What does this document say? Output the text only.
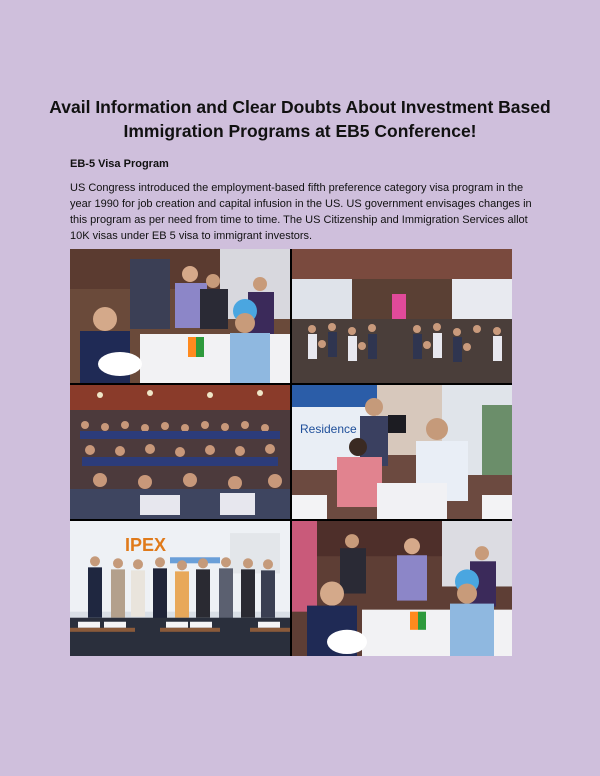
Avail Information and Clear Doubts About Investment Based Immigration Programs at EB5 Conference!
EB-5 Visa Program

US Congress introduced the employment-based fifth preference category visa program in the year 1990 for job creation and capital infusion in the US. US government envisages changes in this program as per need from time to time. The US Citizenship and Immigration Services allot 10K visas under EB 5 visa to immigrant investors.

Residence
IPEX
